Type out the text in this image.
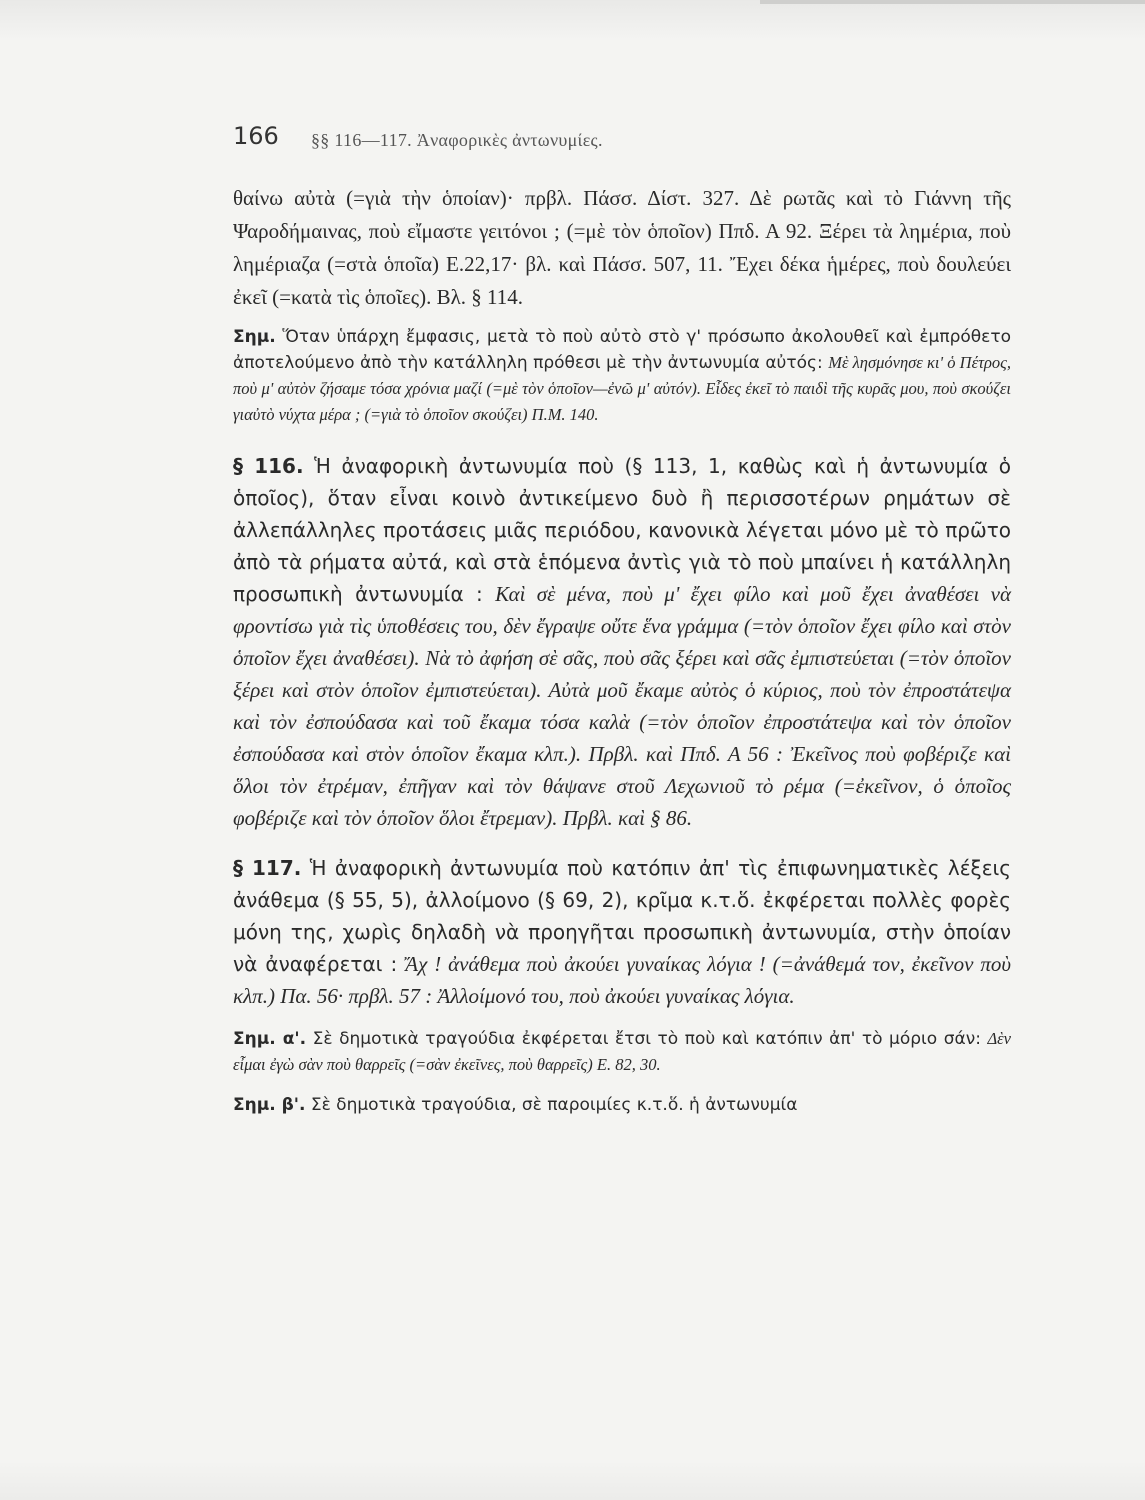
166 §§ 116—117. Ἀναφορικὲς ἀντωνυμίες.

θαίνω αὐτὰ (=γιὰ τὴν ὁποίαν)· πρβλ. Πάσσ. Δίστ. 327. Δὲ ρωτᾶς καὶ τὸ Γιάννη τῆς Ψαροδήμαινας, ποὺ εἴμαστε γειτόνοι ; (=μὲ τὸν ὁποῖον) Ππδ. Α 92. Ξέρει τὰ λημέρια, ποὺ λημέριαζα (=στὰ ὁποῖα) Ε.22,17· βλ. καὶ Πάσσ. 507, 11. Ἔχει δέκα ἡμέρες, ποὺ δουλεύει ἐκεῖ (=κατὰ τὶς ὁποῖες). Βλ. § 114.

Σημ. Ὅταν ὑπάρχη ἔμφασις, μετὰ τὸ ποὺ αὐτὸ στὸ γ' πρόσωπο ἀκολουθεῖ καὶ ἐμπρόθετο ἀποτελούμενο ἀπὸ τὴν κατάλληλη πρόθεσι μὲ τὴν ἀντωνυμία αὐτός: Μὲ λησμόνησε κι' ὁ Πέτρος, ποὺ μ' αὐτὸν ζήσαμε τόσα χρόνια μαζί (=μὲ τὸν ὁποῖον—ἐνῶ μ' αὐτόν). Εἶδες ἐκεῖ τὸ παιδὶ τῆς κυρᾶς μου, ποὺ σκούζει γιαὐτὸ νύχτα μέρα ; (=γιὰ τὸ ὁποῖον σκούζει) Π.Μ. 140.

§ 116. Ἡ ἀναφορικὴ ἀντωνυμία ποὺ (§ 113, 1, καθὼς καὶ ἡ ἀντωνυμία ὁ ὁποῖος), ὅταν εἶναι κοινὸ ἀντικείμενο δυὸ ἢ περισσοτέρων ρημάτων σὲ ἀλλεπάλληλες προτάσεις μιᾶς περιόδου, κανονικὰ λέγεται μόνο μὲ τὸ πρῶτο ἀπὸ τὰ ρήματα αὐτά, καὶ στὰ ἑπόμενα ἀντὶς γιὰ τὸ ποὺ μπαίνει ἡ κατάλληλη προσωπικὴ ἀντωνυμία : Καὶ σὲ μένα, ποὺ μ' ἔχει φίλο καὶ μοῦ ἔχει ἀναθέσει νὰ φροντίσω γιὰ τὶς ὑποθέσεις του, δὲν ἔγραψε οὔτε ἕνα γράμμα (=τὸν ὁποῖον ἔχει φίλο καὶ στὸν ὁποῖον ἔχει ἀναθέσει). Νὰ τὸ ἀφήση σὲ σᾶς, ποὺ σᾶς ξέρει καὶ σᾶς ἐμπιστεύεται (=τὸν ὁποῖον ξέρει καὶ στὸν ὁποῖον ἐμπιστεύεται). Αὐτὰ μοῦ ἔκαμε αὐτὸς ὁ κύριος, ποὺ τὸν ἐπροστάτεψα καὶ τὸν ἐσπούδασα καὶ τοῦ ἔκαμα τόσα καλὰ (=τὸν ὁποῖον ἐπροστάτεψα καὶ τὸν ὁποῖον ἐσπούδασα καὶ στὸν ὁποῖον ἔκαμα κλπ.). Πρβλ. καὶ Ππδ. Α 56 : Ἐκεῖνος ποὺ φοβέριζε καὶ ὅλοι τὸν ἐτρέμαν, ἐπῆγαν καὶ τὸν θάψανε στοῦ Λεχωνιοῦ τὸ ρέμα (=ἐκεῖνον, ὁ ὁποῖος φοβέριζε καὶ τὸν ὁποῖον ὅλοι ἔτρεμαν). Πρβλ. καὶ § 86.

§ 117. Ἡ ἀναφορικὴ ἀντωνυμία ποὺ κατόπιν ἀπ' τὶς ἐπιφωνηματικὲς λέξεις ἀνάθεμα (§ 55, 5), ἀλλοίμονο (§ 69, 2), κρῖμα κ.τ.ὅ. ἐκφέρεται πολλὲς φορὲς μόνη της, χωρὶς δηλαδὴ νὰ προηγῆται προσωπικὴ ἀντωνυμία, στὴν ὁποίαν νὰ ἀναφέρεται : Ἄχ ! ἀνάθεμα ποὺ ἀκούει γυναίκας λόγια ! (=ἀνάθεμά τον, ἐκεῖνον ποὺ κλπ.) Πα. 56· πρβλ. 57 : Ἀλλοίμονό του, ποὺ ἀκούει γυναίκας λόγια.

Σημ. α'. Σὲ δημοτικὰ τραγούδια ἐκφέρεται ἔτσι τὸ ποὺ καὶ κατόπιν ἀπ' τὸ μόριο σάν: Δὲν εἶμαι ἐγὼ σὰν ποὺ θαρρεῖς (=σὰν ἐκεῖνες, ποὺ θαρρεῖς) Ε. 82, 30.

Σημ. β'. Σὲ δημοτικὰ τραγούδια, σὲ παροιμίες κ.τ.ὅ. ἡ ἀντωνυμία
